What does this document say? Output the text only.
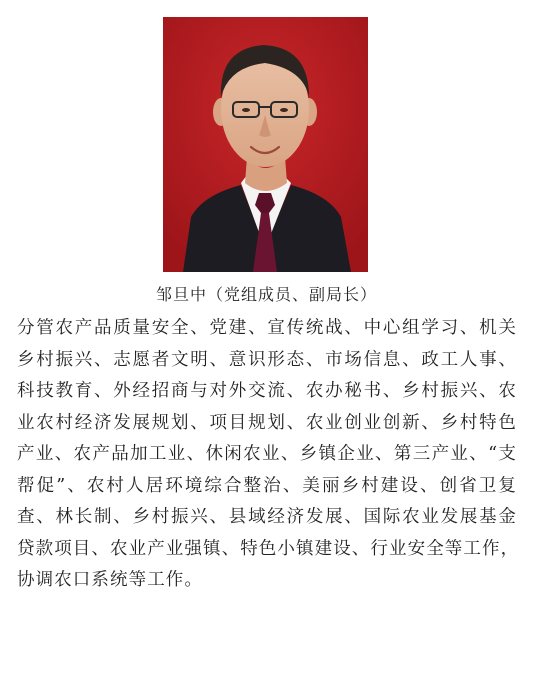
邹旦中（党组成员、副局长）
分管农产品质量安全、党建、宣传统战、中心组学习、机关
乡村振兴、志愿者文明、意识形态、市场信息、政工人事、
科技教育、外经招商与对外交流、农办秘书、乡村振兴、农
业农村经济发展规划、项目规划、农业创业创新、乡村特色
产业、农产品加工业、休闲农业、乡镇企业、第三产业、“支
帮促”、农村人居环境综合整治、美丽乡村建设、创省卫复
查、林长制、乡村振兴、县域经济发展、国际农业发展基金
贷款项目、农业产业强镇、特色小镇建设、行业安全等工作，
协调农口系统等工作。
